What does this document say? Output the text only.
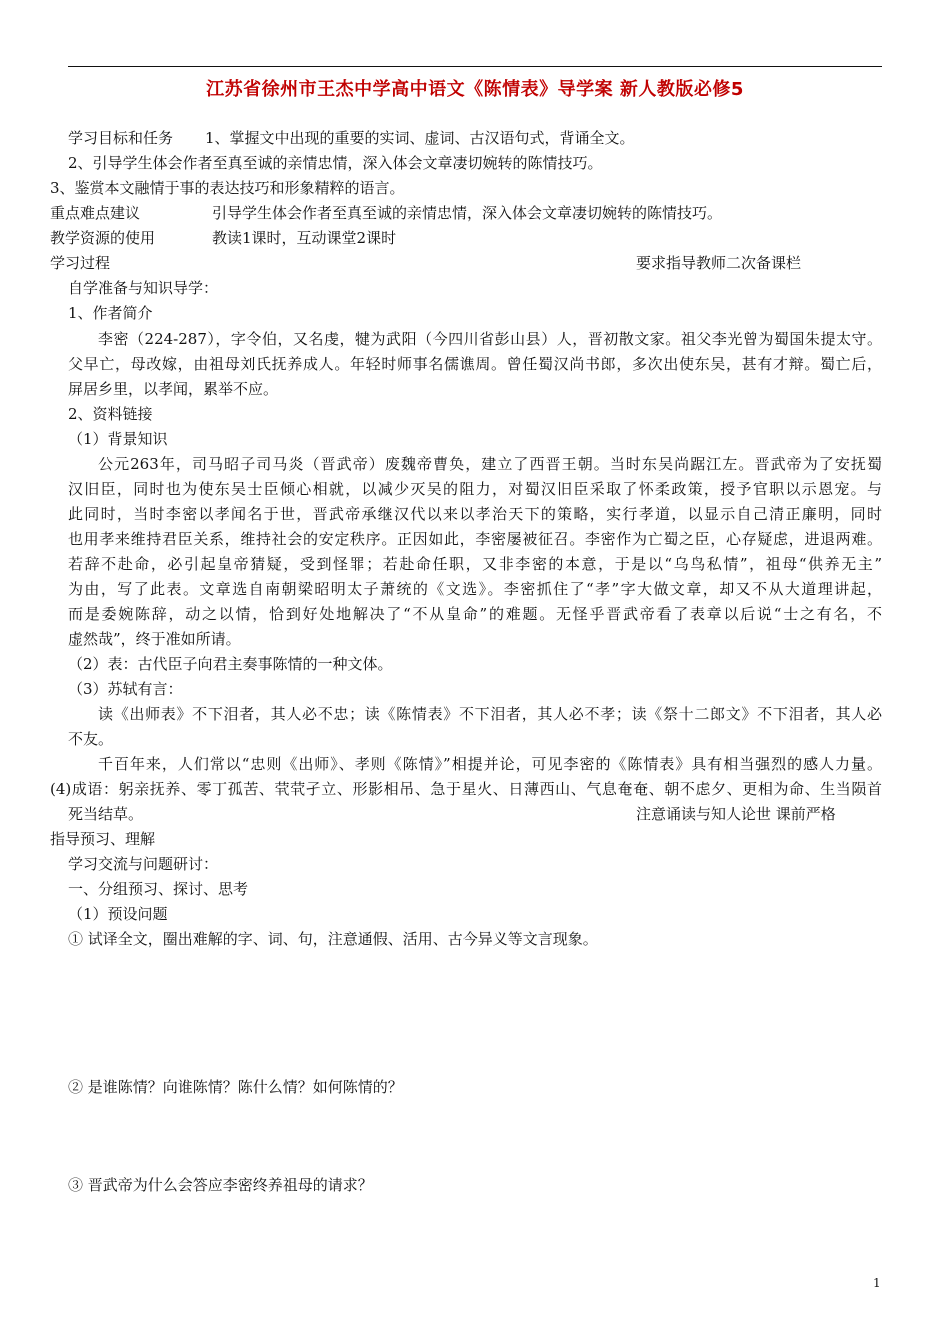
江苏省徐州市王杰中学高中语文《陈情表》导学案 新人教版必修5
学习目标和任务 1、掌握文中出现的重要的实词、虚词、古汉语句式，背诵全文。
2、引导学生体会作者至真至诚的亲情忠情，深入体会文章凄切婉转的陈情技巧。
3、鉴赏本文融情于事的表达技巧和形象精粹的语言。
重点难点建议	引导学生体会作者至真至诚的亲情忠情，深入体会文章凄切婉转的陈情技巧。
教学资源的使用	教读1课时，互动课堂2课时
学习过程	要求指导教师二次备课栏
自学准备与知识导学：
1、作者简介
李密（224-287），字令伯，又名虔，犍为武阳（今四川省彭山县）人，晋初散文家。祖父李光曾为蜀国朱提太守。
父早亡，母改嫁，由祖母刘氏抚养成人。年轻时师事名儒谯周。曾任蜀汉尚书郎，多次出使东吴，甚有才辩。蜀亡后，
屏居乡里，以孝闻，累举不应。
2、资料链接
（1）背景知识
公元263年，司马昭子司马炎（晋武帝）废魏帝曹奂，建立了西晋王朝。当时东吴尚踞江左。晋武帝为了安抚蜀
汉旧臣，同时也为使东吴士臣倾心相就，以减少灭吴的阻力，对蜀汉旧臣采取了怀柔政策，授予官职以示恩宠。与
此同时，当时李密以孝闻名于世，晋武帝承继汉代以来以孝治天下的策略，实行孝道，以显示自己清正廉明，同时
也用孝来维持君臣关系，维持社会的安定秩序。正因如此，李密屡被征召。李密作为亡蜀之臣，心存疑虑，进退两难。
若辞不赴命，必引起皇帝猜疑，受到怪罪；若赴命任职，又非李密的本意，于是以“乌鸟私情”，祖母“供养无主”
为由，写了此表。文章选自南朝梁昭明太子萧统的《文选》。李密抓住了“孝”字大做文章，却又不从大道理讲起，
而是委婉陈辞，动之以情，恰到好处地解决了“不从皇命”的难题。无怪乎晋武帝看了表章以后说“士之有名，不
虚然哉”，终于准如所请。
（2）表：古代臣子向君主奏事陈情的一种文体。
（3）苏轼有言：
读《出师表》不下泪者，其人必不忠；读《陈情表》不下泪者，其人必不孝；读《祭十二郎文》不下泪者，其人必
不友。
千百年来，人们常以“忠则《出师》、孝则《陈情》”相提并论，可见李密的《陈情表》具有相当强烈的感人力量。
(4)成语：躬亲抚养、零丁孤苦、茕茕孑立、形影相吊、急于星火、日薄西山、气息奄奄、朝不虑夕、更相为命、生当陨首
死当结草。	注意诵读与知人论世 课前严格
指导预习、理解
学习交流与问题研讨：
一、分组预习、探讨、思考
（1）预设问题
① 试译全文，圈出难解的字、词、句，注意通假、活用、古今异义等文言现象。
② 是谁陈情？向谁陈情？陈什么情？如何陈情的？
③ 晋武帝为什么会答应李密终养祖母的请求？
1
